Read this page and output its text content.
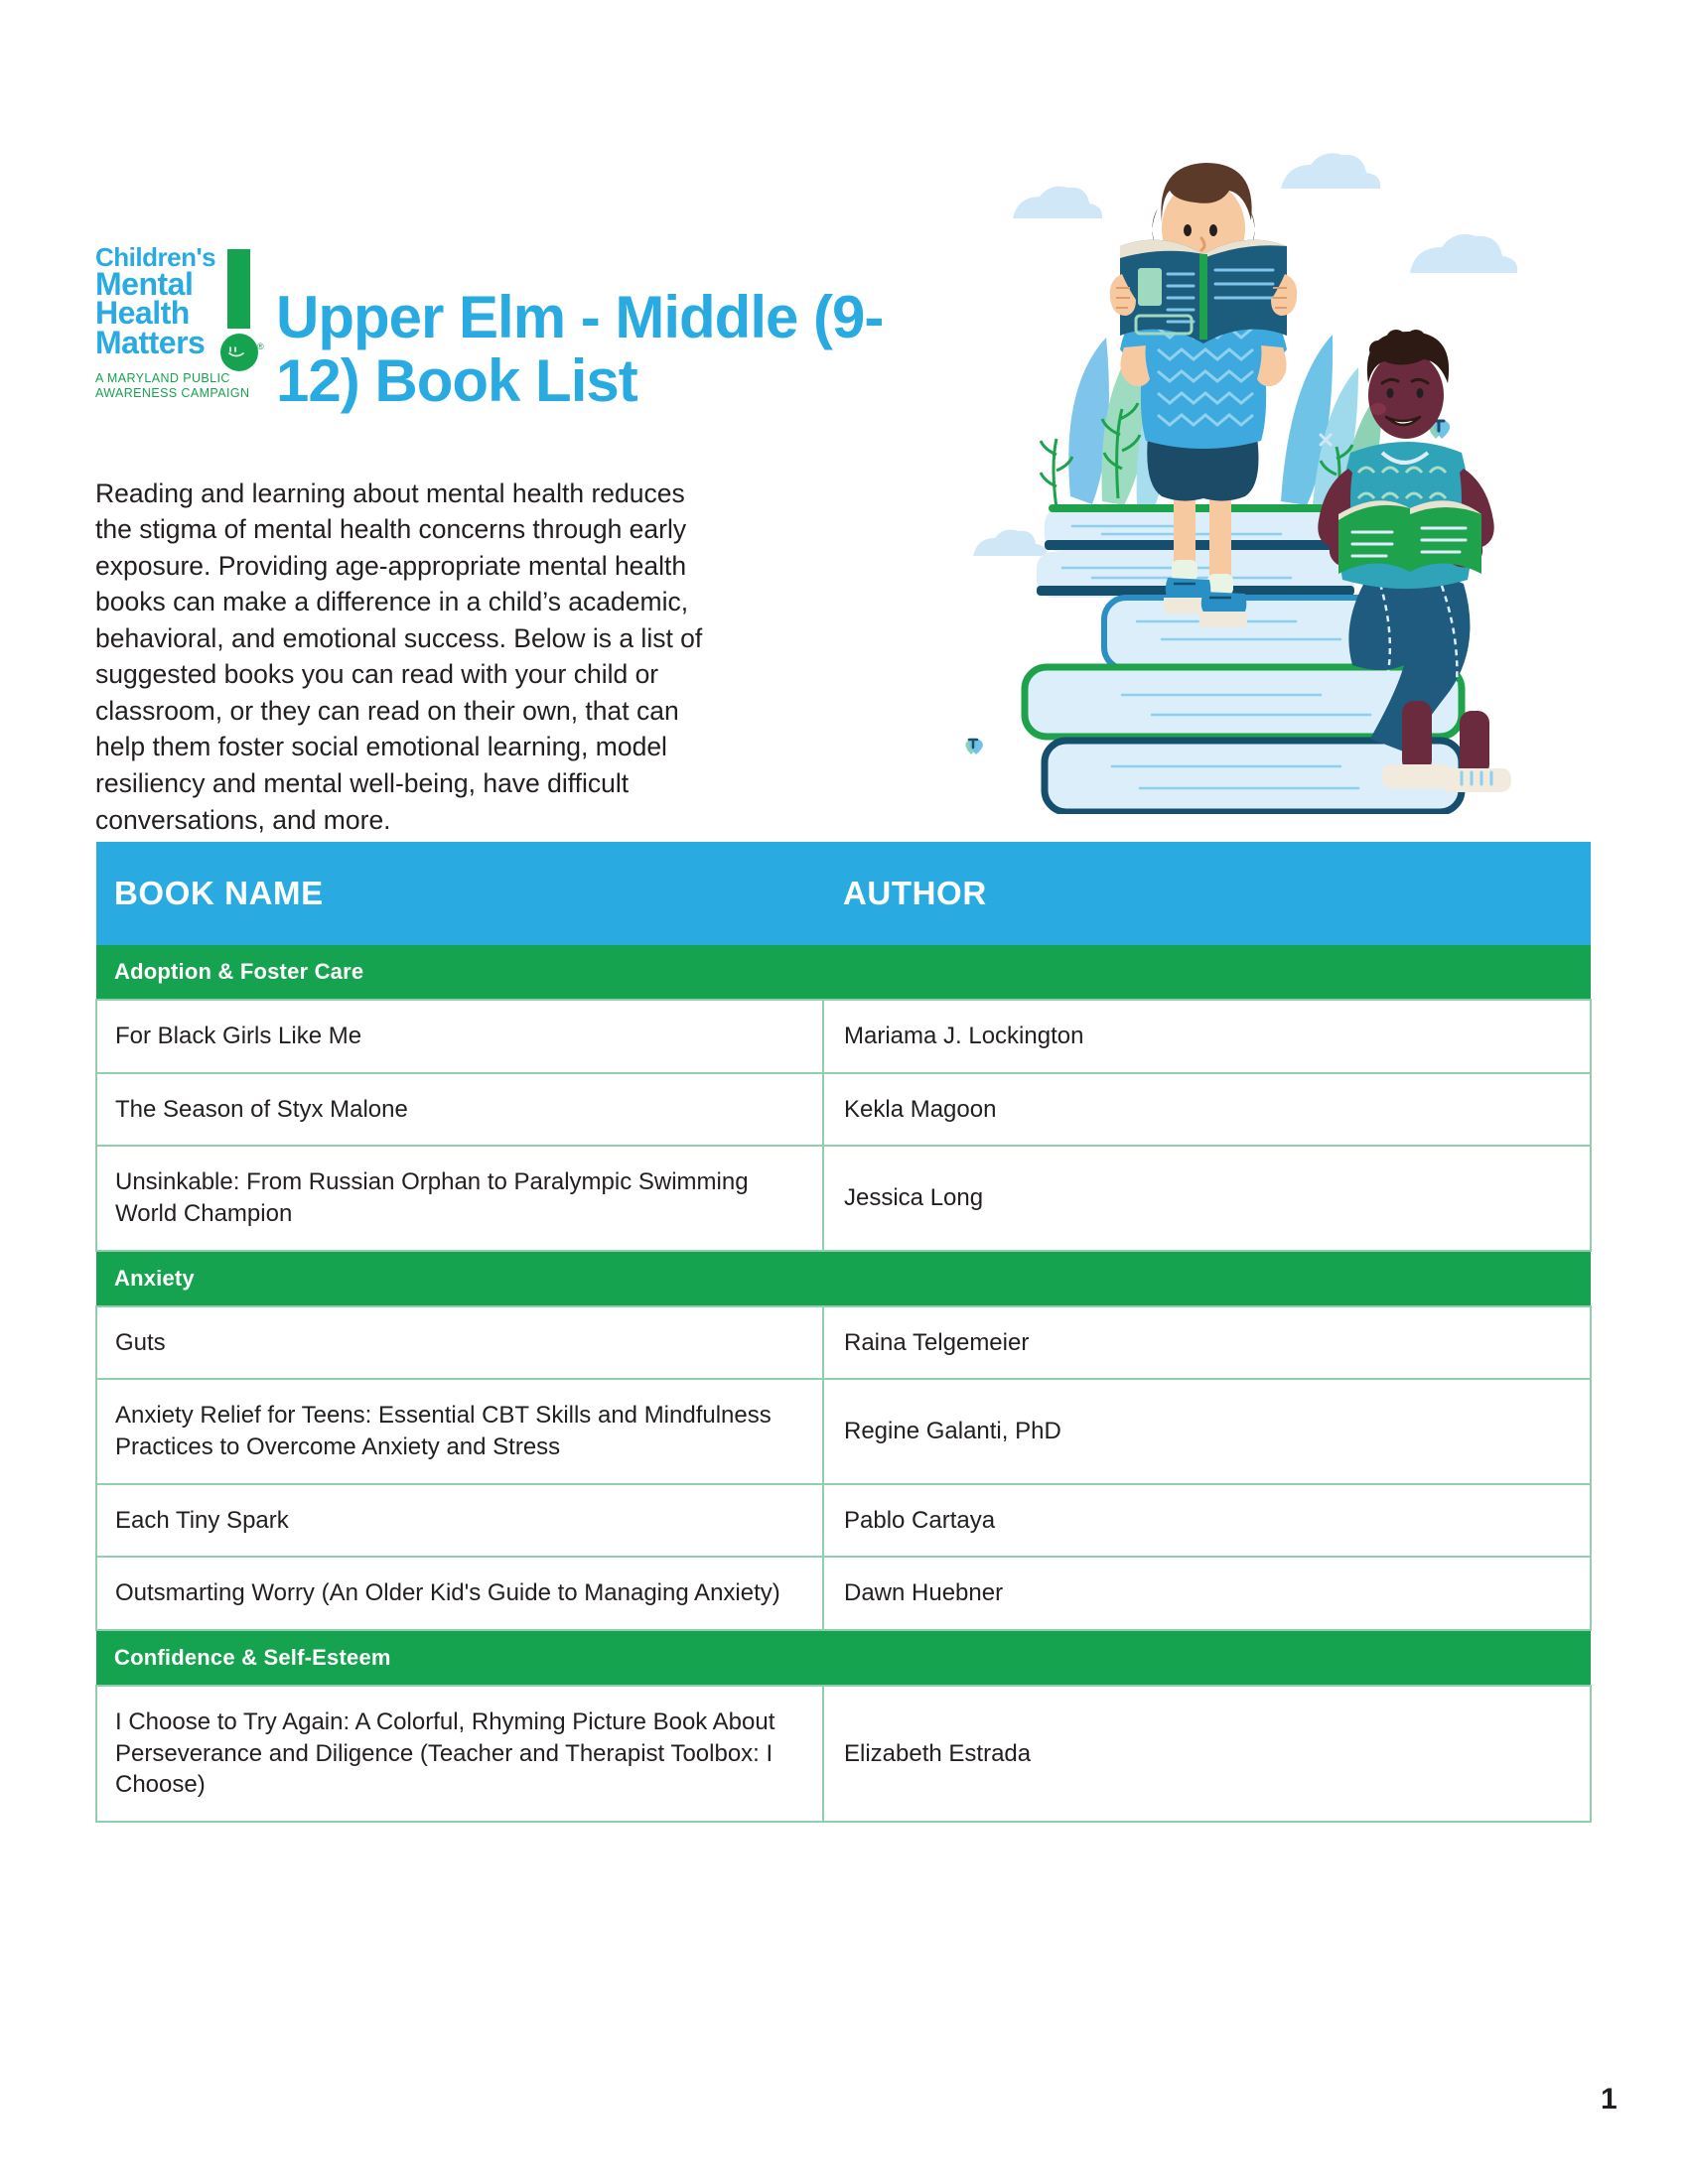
Children's
Mental
Health
Matters	®
A MARYLAND PUBLIC AWARENESS CAMPAIGN
Upper Elm - Middle (9-12) Book List

Reading and learning about mental health reduces the stigma of mental health concerns through early exposure. Providing age-appropriate mental health books can make a difference in a child’s academic, behavioral, and emotional success. Below is a list of suggested books you can read with your child or classroom, or they can read on their own, that can help them foster social emotional learning, model resiliency and mental well-being, have difficult conversations, and more.

BOOK NAME	AUTHOR
Adoption & Foster Care	
For Black Girls Like Me	Mariama J. Lockington
The Season of Styx Malone	Kekla Magoon
Unsinkable: From Russian Orphan to Paralympic Swimming World Champion	Jessica Long
Anxiety	
Guts	Raina Telgemeier
Anxiety Relief for Teens: Essential CBT Skills and Mindfulness Practices to Overcome Anxiety and Stress	Regine Galanti, PhD
Each Tiny Spark	Pablo Cartaya
Outsmarting Worry (An Older Kid's Guide to Managing Anxiety)	Dawn Huebner
Confidence & Self-Esteem	
I Choose to Try Again: A Colorful, Rhyming Picture Book About Perseverance and Diligence (Teacher and Therapist Toolbox: I Choose)	Elizabeth Estrada
1
